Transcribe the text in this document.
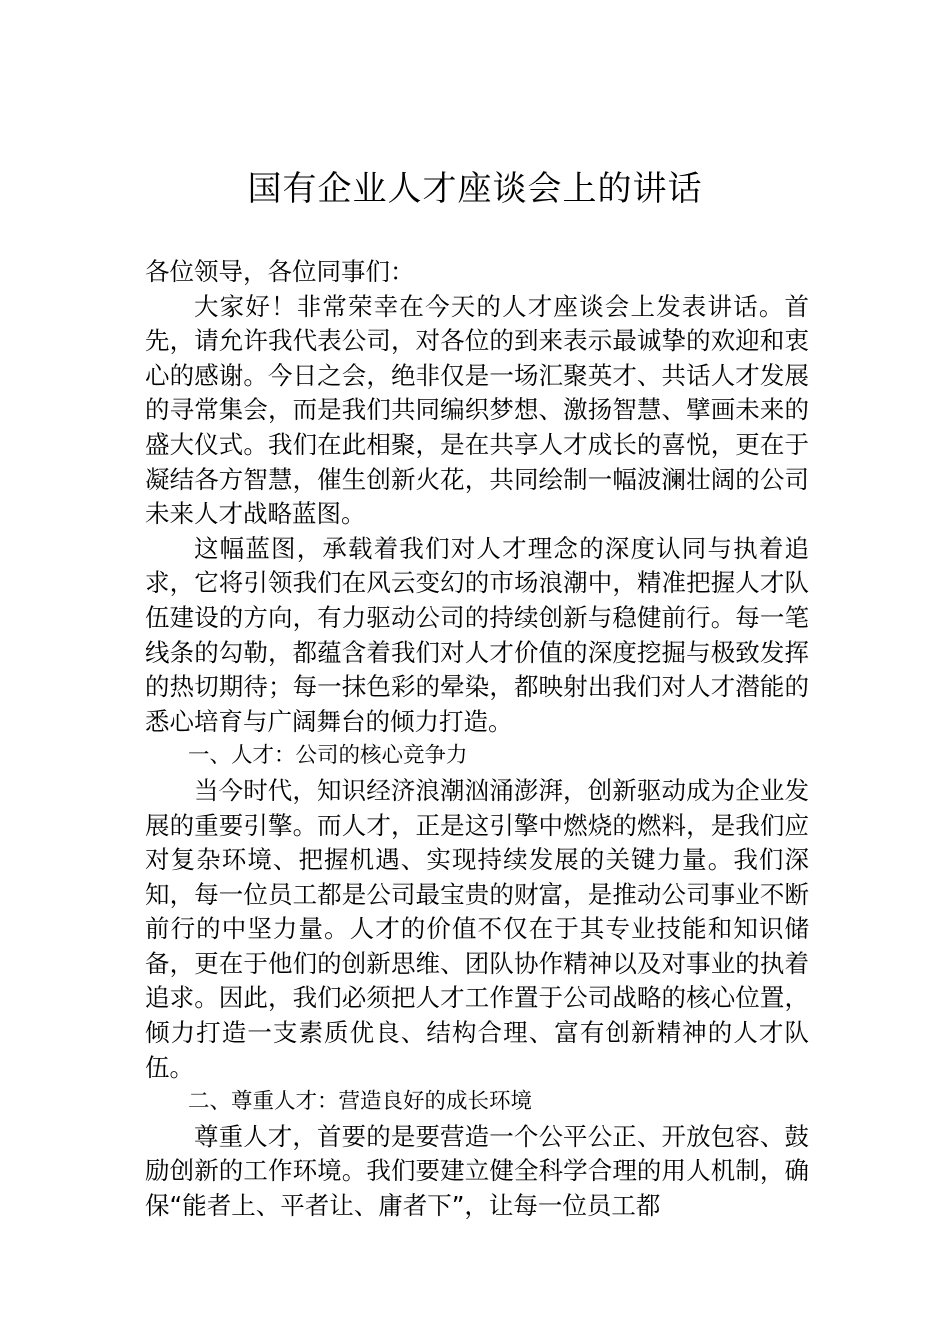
国有企业人才座谈会上的讲话

各位领导，各位同事们：

大家好！非常荣幸在今天的人才座谈会上发表讲话。首先，请允许我代表公司，对各位的到来表示最诚挚的欢迎和衷心的感谢。今日之会，绝非仅是一场汇聚英才、共话人才发展的寻常集会，而是我们共同编织梦想、激扬智慧、擘画未来的盛大仪式。我们在此相聚，是在共享人才成长的喜悦，更在于凝结各方智慧，催生创新火花，共同绘制一幅波澜壮阔的公司未来人才战略蓝图。

这幅蓝图，承载着我们对人才理念的深度认同与执着追求，它将引领我们在风云变幻的市场浪潮中，精准把握人才队伍建设的方向，有力驱动公司的持续创新与稳健前行。每一笔线条的勾勒，都蕴含着我们对人才价值的深度挖掘与极致发挥的热切期待；每一抹色彩的晕染，都映射出我们对人才潜能的悉心培育与广阔舞台的倾力打造。

一、人才：公司的核心竞争力

当今时代，知识经济浪潮汹涌澎湃，创新驱动成为企业发展的重要引擎。而人才，正是这引擎中燃烧的燃料，是我们应对复杂环境、把握机遇、实现持续发展的关键力量。我们深知，每一位员工都是公司最宝贵的财富，是推动公司事业不断前行的中坚力量。人才的价值不仅在于其专业技能和知识储备，更在于他们的创新思维、团队协作精神以及对事业的执着追求。因此，我们必须把人才工作置于公司战略的核心位置，倾力打造一支素质优良、结构合理、富有创新精神的人才队伍。

二、尊重人才：营造良好的成长环境

尊重人才，首要的是要营造一个公平公正、开放包容、鼓励创新的工作环境。我们要建立健全科学合理的用人机制，确保“能者上、平者让、庸者下”，让每一位员工都
